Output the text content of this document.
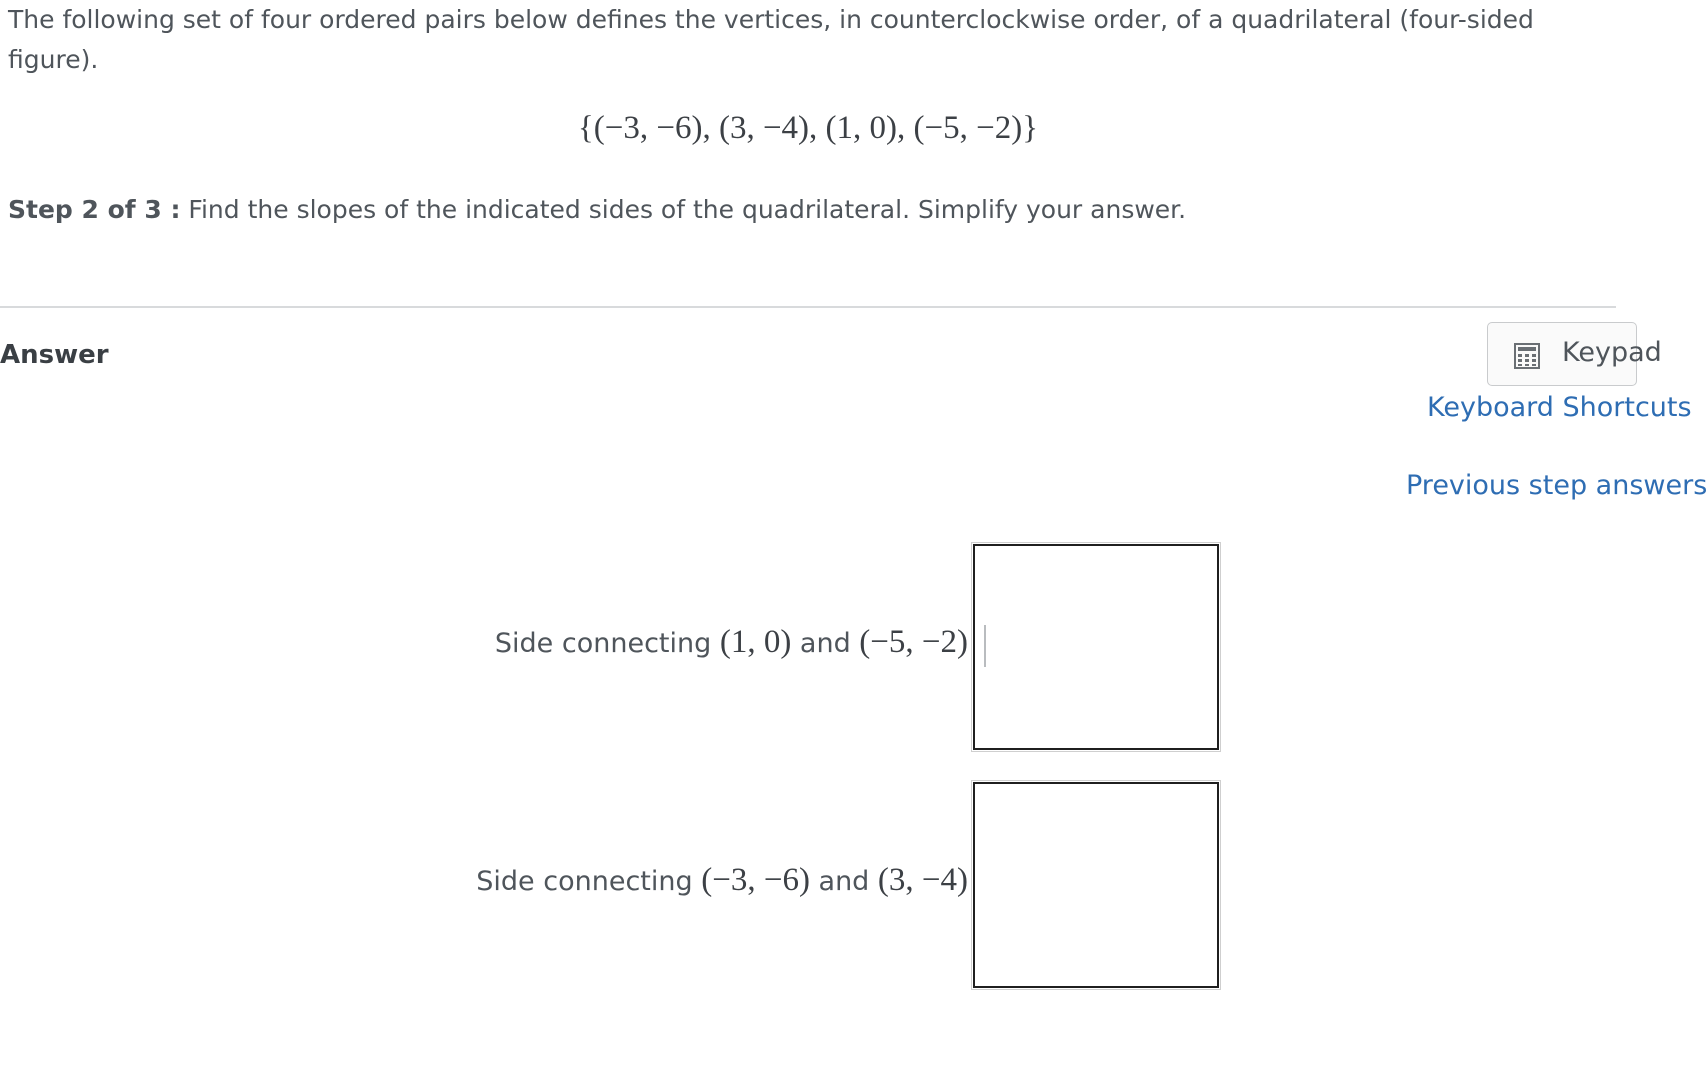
The following set of four ordered pairs below defines the vertices, in counterclockwise order, of a quadrilateral (four-sided figure).

{(−3, −6), (3, −4), (1, 0), (−5, −2)}
Step 2 of 3 : Find the slopes of the indicated sides of the quadrilateral. Simplify your answer.
Answer	Keypad
Keyboard Shortcuts
Previous step answers
Side connecting (1, 0) and (−5, −2)
Side connecting (−3, −6) and (3, −4)
